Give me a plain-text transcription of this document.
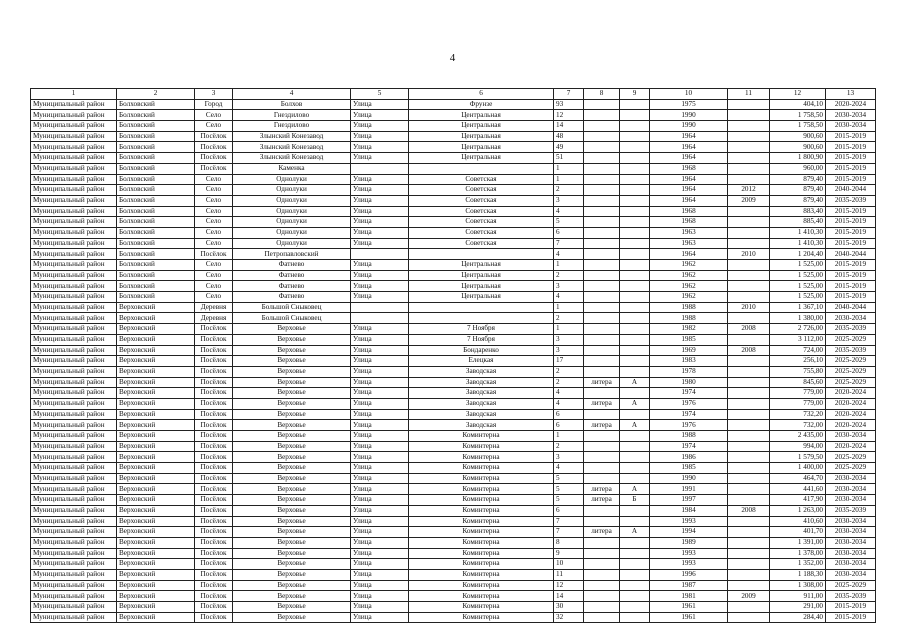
4
1	2	3	4	5	6	7	8	9	10	11	12	13
Муниципальный район	Болховский	Город	Болхов	Улица	Фрунзе	93			1975		404,10	2020-2024
Муниципальный район	Болховский	Село	Гнездилово	Улица	Центральная	12			1990		1 758,50	2030-2034
Муниципальный район	Болховский	Село	Гнездилово	Улица	Центральная	14			1990		1 758,50	2030-2034
Муниципальный район	Болховский	Посёлок	Злынский Конезавод	Улица	Центральная	48			1964		900,60	2015-2019
Муниципальный район	Болховский	Посёлок	Злынский Конезавод	Улица	Центральная	49			1964		900,60	2015-2019
Муниципальный район	Болховский	Посёлок	Злынский Конезавод	Улица	Центральная	51			1964		1 800,90	2015-2019
Муниципальный район	Болховский	Посёлок	Каменка			1			1968		960,00	2015-2019
Муниципальный район	Болховский	Село	Однолуки	Улица	Советская	1			1964		879,40	2015-2019
Муниципальный район	Болховский	Село	Однолуки	Улица	Советская	2			1964	2012	879,40	2040-2044
Муниципальный район	Болховский	Село	Однолуки	Улица	Советская	3			1964	2009	879,40	2035-2039
Муниципальный район	Болховский	Село	Однолуки	Улица	Советская	4			1968		883,40	2015-2019
Муниципальный район	Болховский	Село	Однолуки	Улица	Советская	5			1968		885,40	2015-2019
Муниципальный район	Болховский	Село	Однолуки	Улица	Советская	6			1963		1 410,30	2015-2019
Муниципальный район	Болховский	Село	Однолуки	Улица	Советская	7			1963		1 410,30	2015-2019
Муниципальный район	Болховский	Посёлок	Петропавловский			4			1964	2010	1 204,40	2040-2044
Муниципальный район	Болховский	Село	Фатнево	Улица	Центральная	1			1962		1 525,00	2015-2019
Муниципальный район	Болховский	Село	Фатнево	Улица	Центральная	2			1962		1 525,00	2015-2019
Муниципальный район	Болховский	Село	Фатнево	Улица	Центральная	3			1962		1 525,00	2015-2019
Муниципальный район	Болховский	Село	Фатнево	Улица	Центральная	4			1962		1 525,00	2015-2019
Муниципальный район	Верховский	Деревня	Большой Сныковец			1			1988	2010	1 367,10	2040-2044
Муниципальный район	Верховский	Деревня	Большой Сныковец			2			1988		1 380,00	2030-2034
Муниципальный район	Верховский	Посёлок	Верховье	Улица	7 Ноября	1			1982	2008	2 726,00	2035-2039
Муниципальный район	Верховский	Посёлок	Верховье	Улица	7 Ноября	3			1985		3 112,00	2025-2029
Муниципальный район	Верховский	Посёлок	Верховье	Улица	Бондаренко	3			1969	2008	724,00	2035-2039
Муниципальный район	Верховский	Посёлок	Верховье	Улица	Елецкая	17			1983		256,10	2025-2029
Муниципальный район	Верховский	Посёлок	Верховье	Улица	Заводская	2			1978		755,80	2025-2029
Муниципальный район	Верховский	Посёлок	Верховье	Улица	Заводская	2	литера	А	1980		845,60	2025-2029
Муниципальный район	Верховский	Посёлок	Верховье	Улица	Заводская	4			1974		779,00	2020-2024
Муниципальный район	Верховский	Посёлок	Верховье	Улица	Заводская	4	литера	А	1976		779,00	2020-2024
Муниципальный район	Верховский	Посёлок	Верховье	Улица	Заводская	6			1974		732,20	2020-2024
Муниципальный район	Верховский	Посёлок	Верховье	Улица	Заводская	6	литера	А	1976		732,00	2020-2024
Муниципальный район	Верховский	Посёлок	Верховье	Улица	Коминтерна	1			1988		2 435,00	2030-2034
Муниципальный район	Верховский	Посёлок	Верховье	Улица	Коминтерна	2			1974		994,00	2020-2024
Муниципальный район	Верховский	Посёлок	Верховье	Улица	Коминтерна	3			1986		1 579,50	2025-2029
Муниципальный район	Верховский	Посёлок	Верховье	Улица	Коминтерна	4			1985		1 400,00	2025-2029
Муниципальный район	Верховский	Посёлок	Верховье	Улица	Коминтерна	5			1990		464,70	2030-2034
Муниципальный район	Верховский	Посёлок	Верховье	Улица	Коминтерна	5	литера	А	1991		441,60	2030-2034
Муниципальный район	Верховский	Посёлок	Верховье	Улица	Коминтерна	5	литера	Б	1997		417,90	2030-2034
Муниципальный район	Верховский	Посёлок	Верховье	Улица	Коминтерна	6			1984	2008	1 263,00	2035-2039
Муниципальный район	Верховский	Посёлок	Верховье	Улица	Коминтерна	7			1993		410,60	2030-2034
Муниципальный район	Верховский	Посёлок	Верховье	Улица	Коминтерна	7	литера	А	1994		401,70	2030-2034
Муниципальный район	Верховский	Посёлок	Верховье	Улица	Коминтерна	8			1989		1 391,00	2030-2034
Муниципальный район	Верховский	Посёлок	Верховье	Улица	Коминтерна	9			1993		1 378,00	2030-2034
Муниципальный район	Верховский	Посёлок	Верховье	Улица	Коминтерна	10			1993		1 352,00	2030-2034
Муниципальный район	Верховский	Посёлок	Верховье	Улица	Коминтерна	11			1996		1 188,30	2030-2034
Муниципальный район	Верховский	Посёлок	Верховье	Улица	Коминтерна	12			1987		1 308,00	2025-2029
Муниципальный район	Верховский	Посёлок	Верховье	Улица	Коминтерна	14			1981	2009	911,00	2035-2039
Муниципальный район	Верховский	Посёлок	Верховье	Улица	Коминтерна	30			1961		291,00	2015-2019
Муниципальный район	Верховский	Посёлок	Верховье	Улица	Коминтерна	32			1961		284,40	2015-2019
